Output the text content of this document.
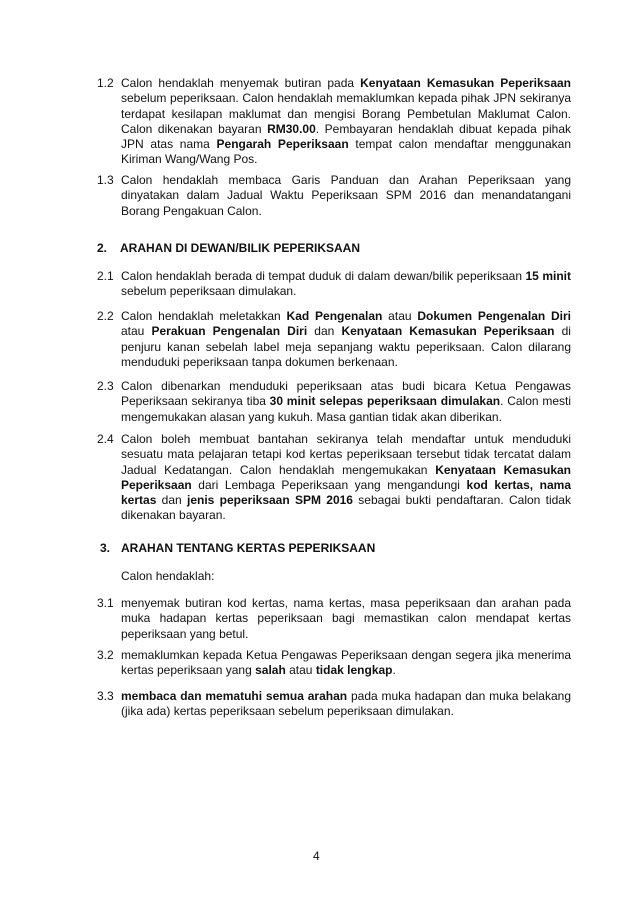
1.2 Calon hendaklah menyemak butiran pada Kenyataan Kemasukan Peperiksaan sebelum peperiksaan. Calon hendaklah memaklumkan kepada pihak JPN sekiranya terdapat kesilapan maklumat dan mengisi Borang Pembetulan Maklumat Calon. Calon dikenakan bayaran RM30.00. Pembayaran hendaklah dibuat kepada pihak JPN atas nama Pengarah Peperiksaan tempat calon mendaftar menggunakan Kiriman Wang/Wang Pos.
1.3 Calon hendaklah membaca Garis Panduan dan Arahan Peperiksaan yang dinyatakan dalam Jadual Waktu Peperiksaan SPM 2016 dan menandatangani Borang Pengakuan Calon.
2. ARAHAN DI DEWAN/BILIK PEPERIKSAAN
2.1 Calon hendaklah berada di tempat duduk di dalam dewan/bilik peperiksaan 15 minit sebelum peperiksaan dimulakan.
2.2 Calon hendaklah meletakkan Kad Pengenalan atau Dokumen Pengenalan Diri atau Perakuan Pengenalan Diri dan Kenyataan Kemasukan Peperiksaan di penjuru kanan sebelah label meja sepanjang waktu peperiksaan. Calon dilarang menduduki peperiksaan tanpa dokumen berkenaan.
2.3 Calon dibenarkan menduduki peperiksaan atas budi bicara Ketua Pengawas Peperiksaan sekiranya tiba 30 minit selepas peperiksaan dimulakan. Calon mesti mengemukakan alasan yang kukuh. Masa gantian tidak akan diberikan.
2.4 Calon boleh membuat bantahan sekiranya telah mendaftar untuk menduduki sesuatu mata pelajaran tetapi kod kertas peperiksaan tersebut tidak tercatat dalam Jadual Kedatangan. Calon hendaklah mengemukakan Kenyataan Kemasukan Peperiksaan dari Lembaga Peperiksaan yang mengandungi kod kertas, nama kertas dan jenis peperiksaan SPM 2016 sebagai bukti pendaftaran. Calon tidak dikenakan bayaran.
3. ARAHAN TENTANG KERTAS PEPERIKSAAN
Calon hendaklah:
3.1 menyemak butiran kod kertas, nama kertas, masa peperiksaan dan arahan pada muka hadapan kertas peperiksaan bagi memastikan calon mendapat kertas peperiksaan yang betul.
3.2 memaklumkan kepada Ketua Pengawas Peperiksaan dengan segera jika menerima kertas peperiksaan yang salah atau tidak lengkap.
3.3 membaca dan mematuhi semua arahan pada muka hadapan dan muka belakang (jika ada) kertas peperiksaan sebelum peperiksaan dimulakan.
4
